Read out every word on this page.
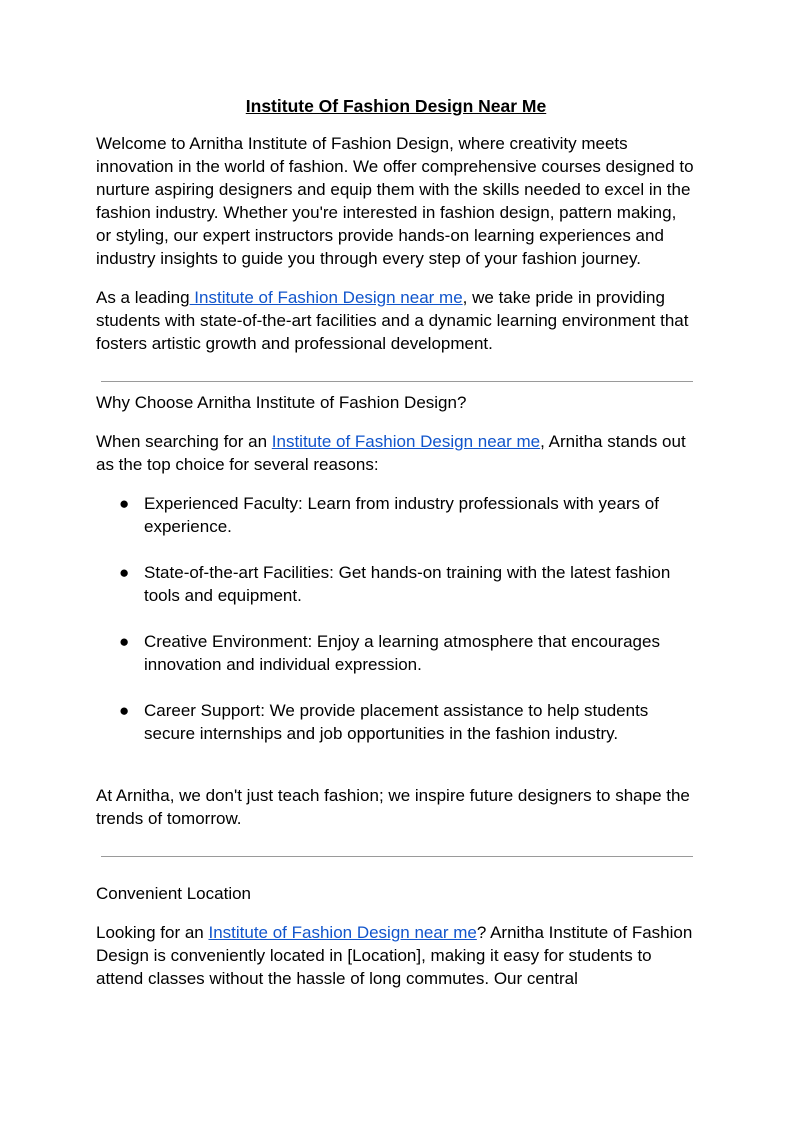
Institute Of Fashion Design Near Me

Welcome to Arnitha Institute of Fashion Design, where creativity meets innovation in the world of fashion. We offer comprehensive courses designed to nurture aspiring designers and equip them with the skills needed to excel in the fashion industry. Whether you're interested in fashion design, pattern making, or styling, our expert instructors provide hands-on learning experiences and industry insights to guide you through every step of your fashion journey.

As a leading Institute of Fashion Design near me, we take pride in providing students with state-of-the-art facilities and a dynamic learning environment that fosters artistic growth and professional development.

Why Choose Arnitha Institute of Fashion Design?

When searching for an Institute of Fashion Design near me, Arnitha stands out as the top choice for several reasons:

● Experienced Faculty: Learn from industry professionals with years of experience.
● State-of-the-art Facilities: Get hands-on training with the latest fashion tools and equipment.
● Creative Environment: Enjoy a learning atmosphere that encourages innovation and individual expression.
● Career Support: We provide placement assistance to help students secure internships and job opportunities in the fashion industry.

At Arnitha, we don't just teach fashion; we inspire future designers to shape the trends of tomorrow.

Convenient Location

Looking for an Institute of Fashion Design near me? Arnitha Institute of Fashion Design is conveniently located in [Location], making it easy for students to attend classes without the hassle of long commutes. Our central
